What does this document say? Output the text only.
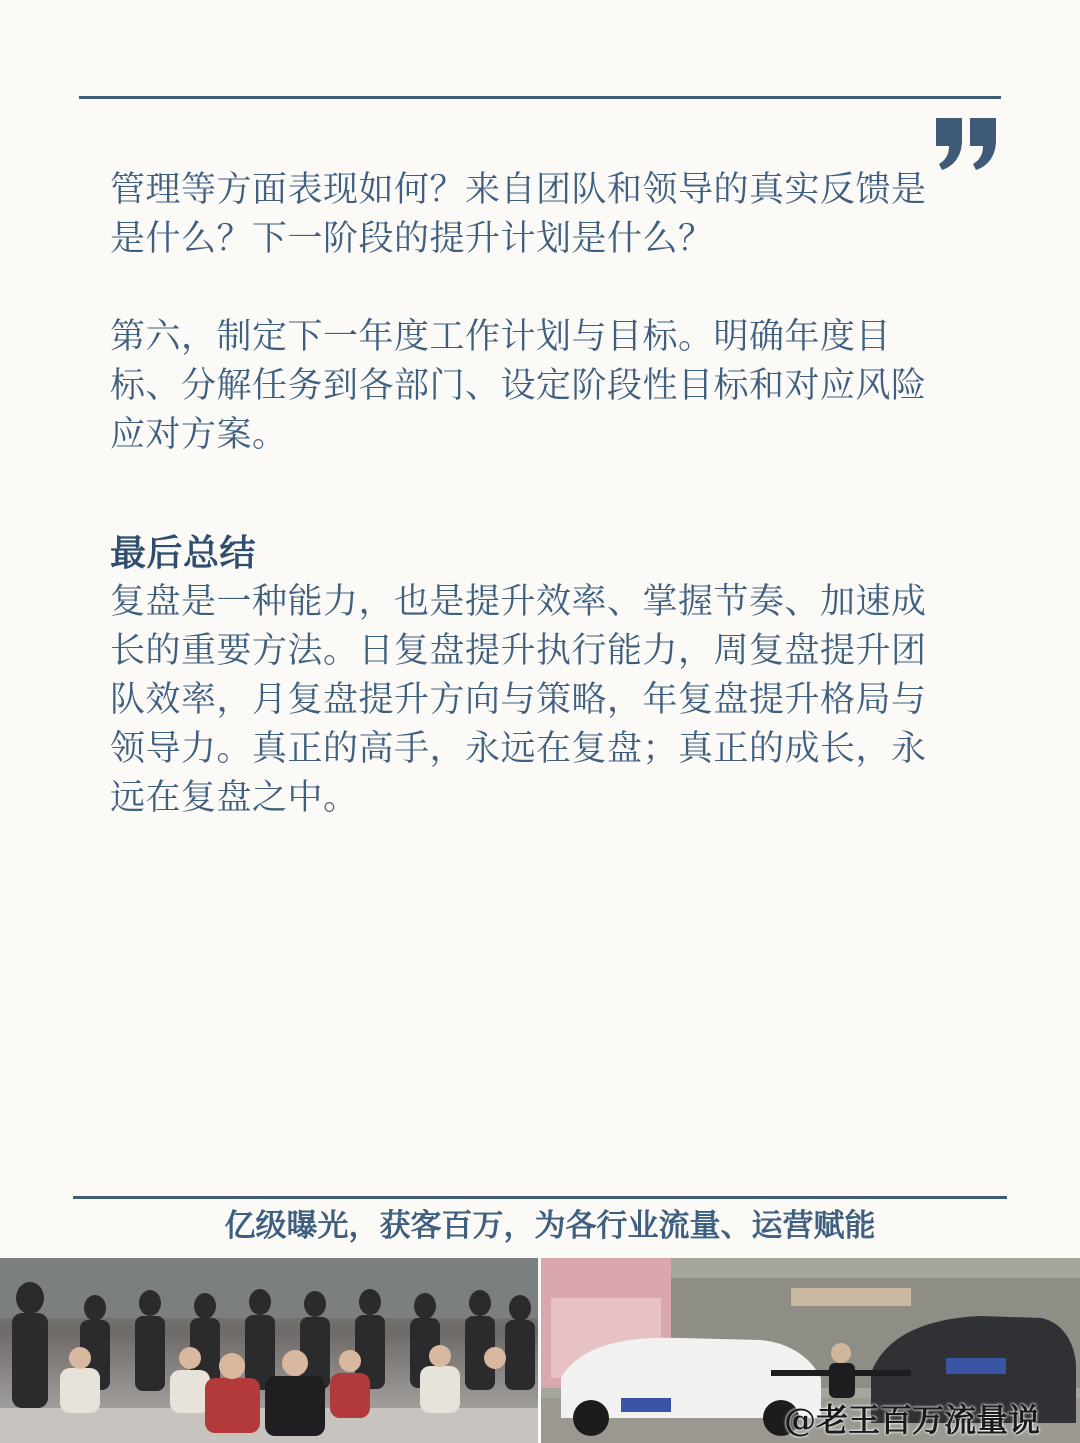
管理等方面表现如何？来自团队和领导的真实反馈是
是什么？下一阶段的提升计划是什么？

第六，制定下一年度工作计划与目标。明确年度目
标、分解任务到各部门、设定阶段性目标和对应风险
应对方案。

最后总结

复盘是一种能力，也是提升效率、掌握节奏、加速成
长的重要方法。日复盘提升执行能力，周复盘提升团
队效率，月复盘提升方向与策略，年复盘提升格局与
领导力。真正的高手，永远在复盘；真正的成长，永
远在复盘之中。

亿级曝光，获客百万，为各行业流量、运营赋能
@老王百万流量说
